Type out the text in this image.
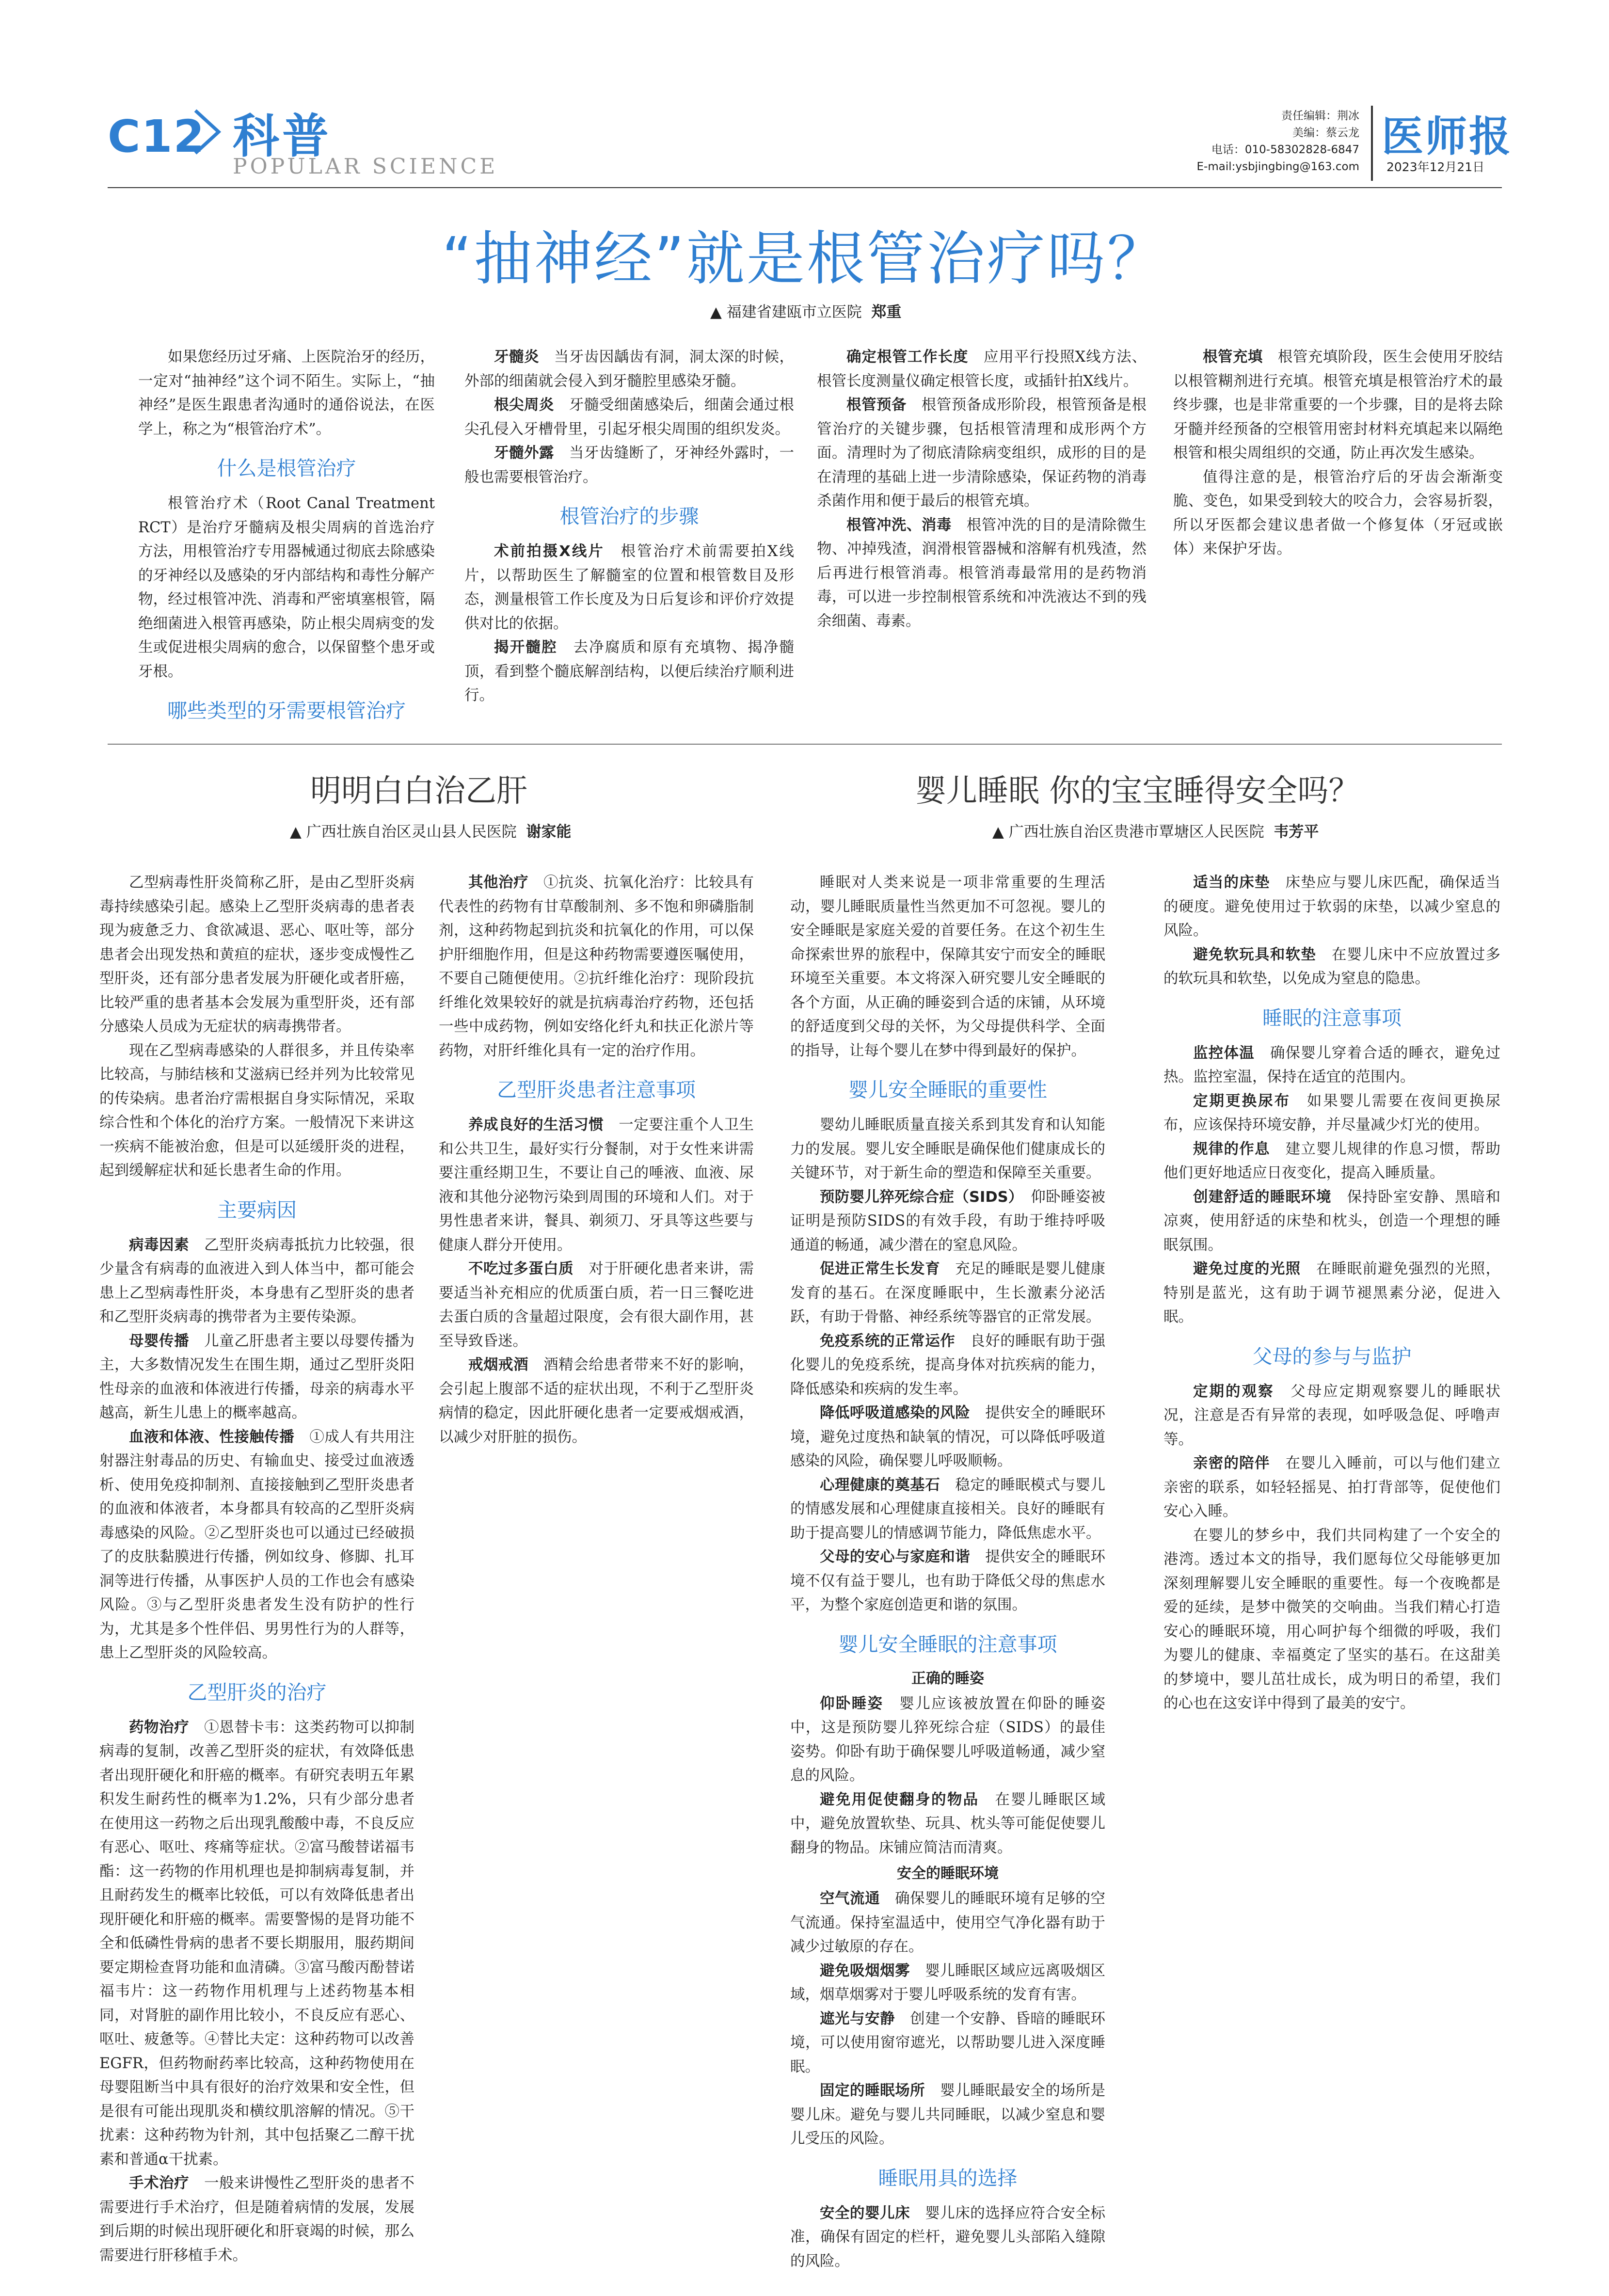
C12 科普
POPULAR SCIENCE
责任编辑：荆冰
美编：蔡云龙
电话：010-58302828-6847
E-mail:ysbjingbing@163.com
医师报
2023年12月21日
“抽神经”就是根管治疗吗？
▲ 福建省建瓯市立医院 郑重

如果您经历过牙痛、上医院治牙的经历，一定对“抽神经”这个词不陌生。实际上，“抽神经”是医生跟患者沟通时的通俗说法，在医学上，称之为“根管治疗术”。

什么是根管治疗

根管治疗术（Root Canal Treatment RCT）是治疗牙髓病及根尖周病的首选治疗方法，用根管治疗专用器械通过彻底去除感染的牙神经以及感染的牙内部结构和毒性分解产物，经过根管冲洗、消毒和严密填塞根管，隔绝细菌进入根管再感染，防止根尖周病变的发生或促进根尖周病的愈合，以保留整个患牙或牙根。

哪些类型的牙需要根管治疗

牙髓炎　 当牙齿因龋齿有洞，洞太深的时候，外部的细菌就会侵入到牙髓腔里感染牙髓。

根尖周炎　 牙髓受细菌感染后，细菌会通过根尖孔侵入牙槽骨里，引起牙根尖周围的组织发炎。

牙髓外露　 当牙齿缝断了，牙神经外露时，一般也需要根管治疗。

根管治疗的步骤

术前拍摄X线片　 根管治疗术前需要拍X线片，以帮助医生了解髓室的位置和根管数目及形态，测量根管工作长度及为日后复诊和评价疗效提供对比的依据。

揭开髓腔　 去净腐质和原有充填物、揭净髓顶，看到整个髓底解剖结构，以便后续治疗顺利进行。

确定根管工作长度　 应用平行投照X线方法、根管长度测量仪确定根管长度，或插针拍X线片。

根管预备　 根管预备成形阶段，根管预备是根管治疗的关键步骤，包括根管清理和成形两个方面。清理时为了彻底清除病变组织，成形的目的是在清理的基础上进一步清除感染，保证药物的消毒杀菌作用和便于最后的根管充填。

根管冲洗、消毒　 根管冲洗的目的是清除微生物、冲掉残渣，润滑根管器械和溶解有机残渣，然后再进行根管消毒。根管消毒最常用的是药物消毒，可以进一步控制根管系统和冲洗液达不到的残余细菌、毒素。

根管充填　 根管充填阶段，医生会使用牙胶结以根管糊剂进行充填。根管充填是根管治疗术的最终步骤，也是非常重要的一个步骤，目的是将去除牙髓并经预备的空根管用密封材料充填起来以隔绝根管和根尖周组织的交通，防止再次发生感染。

值得注意的是，根管治疗后的牙齿会渐渐变脆、变色，如果受到较大的咬合力，会容易折裂，所以牙医都会建议患者做一个修复体（牙冠或嵌体）来保护牙齿。

明明白白治乙肝
▲ 广西壮族自治区灵山县人民医院 谢家能
婴儿睡眠 你的宝宝睡得安全吗？
▲ 广西壮族自治区贵港市覃塘区人民医院 韦芳平

乙型病毒性肝炎简称乙肝，是由乙型肝炎病毒持续感染引起。感染上乙型肝炎病毒的患者表现为疲惫乏力、食欲减退、恶心、呕吐等，部分患者会出现发热和黄疸的症状，逐步变成慢性乙型肝炎，还有部分患者发展为肝硬化或者肝癌，比较严重的患者基本会发展为重型肝炎，还有部分感染人员成为无症状的病毒携带者。

现在乙型病毒感染的人群很多，并且传染率比较高，与肺结核和艾滋病已经并列为比较常见的传染病。患者治疗需根据自身实际情况，采取综合性和个体化的治疗方案。一般情况下来讲这一疾病不能被治愈，但是可以延缓肝炎的进程，起到缓解症状和延长患者生命的作用。

主要病因

病毒因素　 乙型肝炎病毒抵抗力比较强，很少量含有病毒的血液进入到人体当中，都可能会患上乙型病毒性肝炎，本身患有乙型肝炎的患者和乙型肝炎病毒的携带者为主要传染源。

母婴传播　 儿童乙肝患者主要以母婴传播为主，大多数情况发生在围生期，通过乙型肝炎阳性母亲的血液和体液进行传播，母亲的病毒水平越高，新生儿患上的概率越高。

血液和体液、性接触传播　 ①成人有共用注射器注射毒品的历史、有输血史、接受过血液透析、使用免疫抑制剂、直接接触到乙型肝炎患者的血液和体液者，本身都具有较高的乙型肝炎病毒感染的风险。②乙型肝炎也可以通过已经破损了的皮肤黏膜进行传播，例如纹身、修脚、扎耳洞等进行传播，从事医护人员的工作也会有感染风险。③与乙型肝炎患者发生没有防护的性行为，尤其是多个性伴侣、男男性行为的人群等，患上乙型肝炎的风险较高。

乙型肝炎的治疗

药物治疗　 ①恩替卡韦：这类药物可以抑制病毒的复制，改善乙型肝炎的症状，有效降低患者出现肝硬化和肝癌的概率。有研究表明五年累积发生耐药性的概率为1.2%，只有少部分患者在使用这一药物之后出现乳酸酸中毒，不良反应有恶心、呕吐、疼痛等症状。②富马酸替诺福韦酯：这一药物的作用机理也是抑制病毒复制，并且耐药发生的概率比较低，可以有效降低患者出现肝硬化和肝癌的概率。需要警惕的是肾功能不全和低磷性骨病的患者不要长期服用，服药期间要定期检查肾功能和血清磷。③富马酸丙酚替诺福韦片：这一药物作用机理与上述药物基本相同，对肾脏的副作用比较小，不良反应有恶心、呕吐、疲惫等。④替比夫定：这种药物可以改善EGFR，但药物耐药率比较高，这种药物使用在母婴阻断当中具有很好的治疗效果和安全性，但是很有可能出现肌炎和横纹肌溶解的情况。⑤干扰素：这种药物为针剂，其中包括聚乙二醇干扰素和普通α干扰素。

手术治疗　 一般来讲慢性乙型肝炎的患者不需要进行手术治疗，但是随着病情的发展，发展到后期的时候出现肝硬化和肝衰竭的时候，那么需要进行肝移植手术。

其他治疗　 ①抗炎、抗氧化治疗：比较具有代表性的药物有甘草酸制剂、多不饱和卵磷脂制剂，这种药物起到抗炎和抗氧化的作用，可以保护肝细胞作用，但是这种药物需要遵医嘱使用，不要自己随便使用。②抗纤维化治疗：现阶段抗纤维化效果较好的就是抗病毒治疗药物，还包括一些中成药物，例如安络化纤丸和扶正化淤片等药物，对肝纤维化具有一定的治疗作用。

乙型肝炎患者注意事项

养成良好的生活习惯　 一定要注重个人卫生和公共卫生，最好实行分餐制，对于女性来讲需要注重经期卫生，不要让自己的唾液、血液、尿液和其他分泌物污染到周围的环境和人们。对于男性患者来讲，餐具、剃须刀、牙具等这些要与健康人群分开使用。

不吃过多蛋白质　 对于肝硬化患者来讲，需要适当补充相应的优质蛋白质，若一日三餐吃进去蛋白质的含量超过限度，会有很大副作用，甚至导致昏迷。

戒烟戒酒　 酒精会给患者带来不好的影响，会引起上腹部不适的症状出现，不利于乙型肝炎病情的稳定，因此肝硬化患者一定要戒烟戒酒，以减少对肝脏的损伤。

睡眠对人类来说是一项非常重要的生理活动，婴儿睡眠质量性当然更加不可忽视。婴儿的安全睡眠是家庭关爱的首要任务。在这个初生生命探索世界的旅程中，保障其安宁而安全的睡眠环境至关重要。本文将深入研究婴儿安全睡眠的各个方面，从正确的睡姿到合适的床铺，从环境的舒适度到父母的关怀，为父母提供科学、全面的指导，让每个婴儿在梦中得到最好的保护。

婴儿安全睡眠的重要性

婴幼儿睡眠质量直接关系到其发育和认知能力的发展。婴儿安全睡眠是确保他们健康成长的关键环节，对于新生命的塑造和保障至关重要。

预防婴儿猝死综合症（SIDS）　 仰卧睡姿被证明是预防SIDS的有效手段，有助于维持呼吸通道的畅通，减少潜在的窒息风险。

促进正常生长发育　 充足的睡眠是婴儿健康发育的基石。在深度睡眠中，生长激素分泌活跃，有助于骨骼、神经系统等器官的正常发展。

免疫系统的正常运作　 良好的睡眠有助于强化婴儿的免疫系统，提高身体对抗疾病的能力，降低感染和疾病的发生率。

降低呼吸道感染的风险　 提供安全的睡眠环境，避免过度热和缺氧的情况，可以降低呼吸道感染的风险，确保婴儿呼吸顺畅。

心理健康的奠基石　 稳定的睡眠模式与婴儿的情感发展和心理健康直接相关。良好的睡眠有助于提高婴儿的情感调节能力，降低焦虑水平。

父母的安心与家庭和谐　 提供安全的睡眠环境不仅有益于婴儿，也有助于降低父母的焦虑水平，为整个家庭创造更和谐的氛围。

婴儿安全睡眠的注意事项
正确的睡姿

仰卧睡姿　 婴儿应该被放置在仰卧的睡姿中，这是预防婴儿猝死综合症（SIDS）的最佳姿势。仰卧有助于确保婴儿呼吸道畅通，减少窒息的风险。

避免用促使翻身的物品　 在婴儿睡眠区域中，避免放置软垫、玩具、枕头等可能促使婴儿翻身的物品。床铺应简洁而清爽。

安全的睡眠环境

空气流通　 确保婴儿的睡眠环境有足够的空气流通。保持室温适中，使用空气净化器有助于减少过敏原的存在。

避免吸烟烟雾　 婴儿睡眠区域应远离吸烟区域，烟草烟雾对于婴儿呼吸系统的发育有害。

遮光与安静　 创建一个安静、昏暗的睡眠环境，可以使用窗帘遮光，以帮助婴儿进入深度睡眠。

固定的睡眠场所　 婴儿睡眠最安全的场所是婴儿床。避免与婴儿共同睡眠，以减少窒息和婴儿受压的风险。

睡眠用具的选择

安全的婴儿床　 婴儿床的选择应符合安全标准，确保有固定的栏杆，避免婴儿头部陷入缝隙的风险。

适当的床垫　 床垫应与婴儿床匹配，确保适当的硬度。避免使用过于软弱的床垫，以减少窒息的风险。

避免软玩具和软垫　 在婴儿床中不应放置过多的软玩具和软垫，以免成为窒息的隐患。

睡眠的注意事项

监控体温　 确保婴儿穿着合适的睡衣，避免过热。监控室温，保持在适宜的范围内。

定期更换尿布　 如果婴儿需要在夜间更换尿布，应该保持环境安静，并尽量减少灯光的使用。

规律的作息　 建立婴儿规律的作息习惯，帮助他们更好地适应日夜变化，提高入睡质量。

创建舒适的睡眠环境　 保持卧室安静、黑暗和凉爽，使用舒适的床垫和枕头，创造一个理想的睡眠氛围。

避免过度的光照　 在睡眠前避免强烈的光照，特别是蓝光，这有助于调节褪黑素分泌，促进入眠。

父母的参与与监护

定期的观察　 父母应定期观察婴儿的睡眠状况，注意是否有异常的表现，如呼吸急促、呼噜声等。

亲密的陪伴　 在婴儿入睡前，可以与他们建立亲密的联系，如轻轻摇晃、拍打背部等，促使他们安心入睡。

在婴儿的梦乡中，我们共同构建了一个安全的港湾。透过本文的指导，我们愿每位父母能够更加深刻理解婴儿安全睡眠的重要性。每一个夜晚都是爱的延续，是梦中微笑的交响曲。当我们精心打造安心的睡眠环境，用心呵护每个细微的呼吸，我们为婴儿的健康、幸福奠定了坚实的基石。在这甜美的梦境中，婴儿茁壮成长，成为明日的希望，我们的心也在这安详中得到了最美的安宁。
